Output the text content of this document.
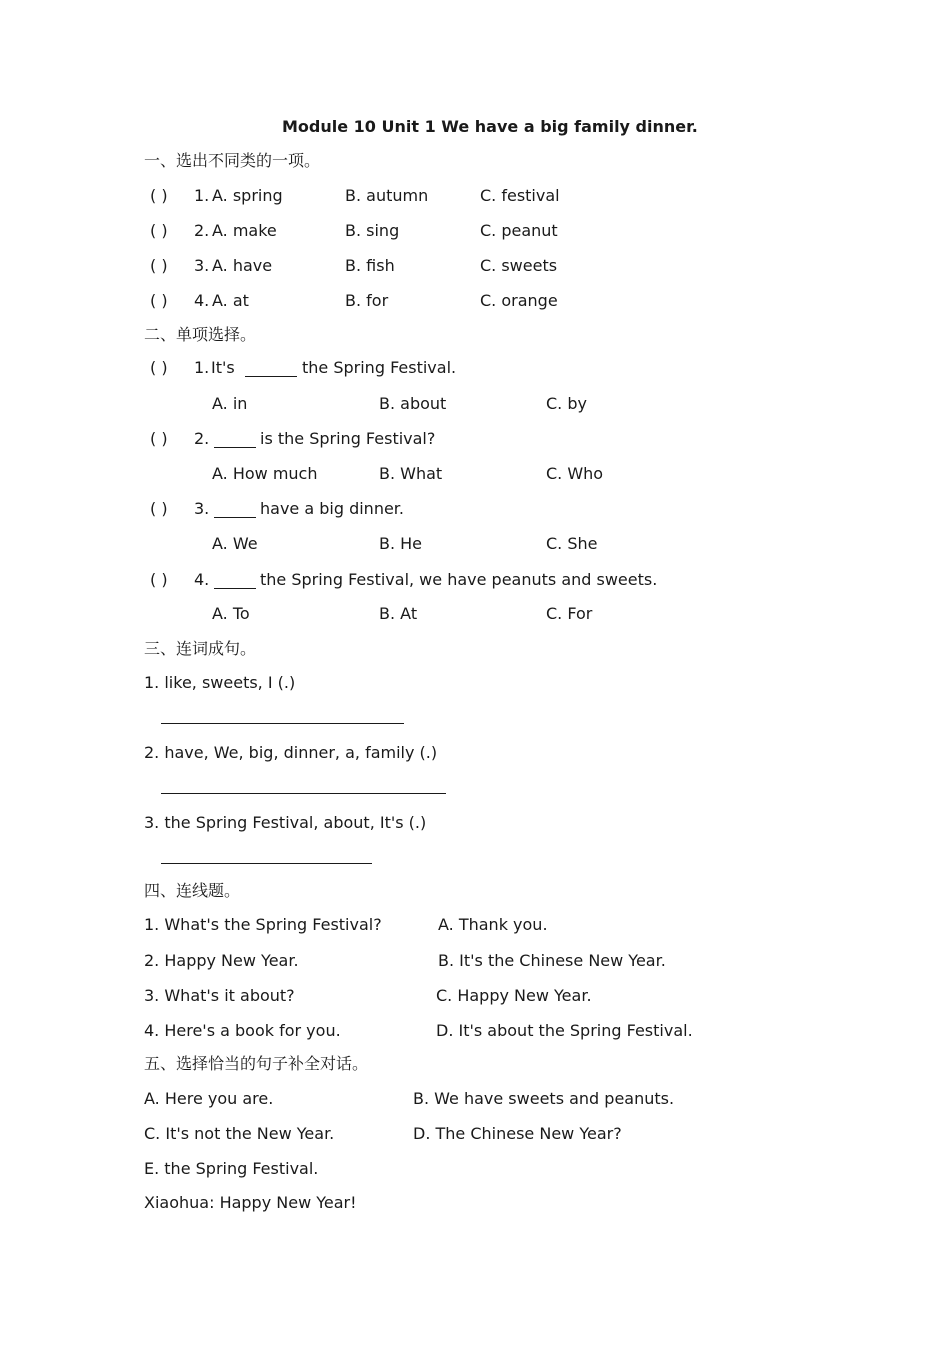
Module 10 Unit 1 We have a big family dinner.
一、选出不同类的一项。
( ) 1. A. spring	B. autumn	C. festival
( ) 2. A. make	B. sing	C. peanut
( ) 3. A. have	B. fish	C. sweets
( ) 4. A. at	B. for	C. orange
二、单项选择。
( ) 1. It's	the Spring Festival.
A. in	B. about	C. by
( ) 2.	is the Spring Festival?
A. How much	B. What	C. Who
( ) 3.	have a big dinner.
A. We	B. He	C. She
( ) 4.	the Spring Festival, we have peanuts and sweets.
A. To	B. At	C. For
三、连词成句。
1. like, sweets, I (.)
2. have, We, big, dinner, a, family (.)
3. the Spring Festival, about, It's (.)
四、连线题。
1. What's the Spring Festival?	A. Thank you.
2. Happy New Year.	B. It's the Chinese New Year.
3. What's it about?	C. Happy New Year.
4. Here's a book for you.	D. It's about the Spring Festival.
五、选择恰当的句子补全对话。
A. Here you are.	B. We have sweets and peanuts.
C. It's not the New Year.	D. The Chinese New Year?
E. the Spring Festival.
Xiaohua: Happy New Year!
